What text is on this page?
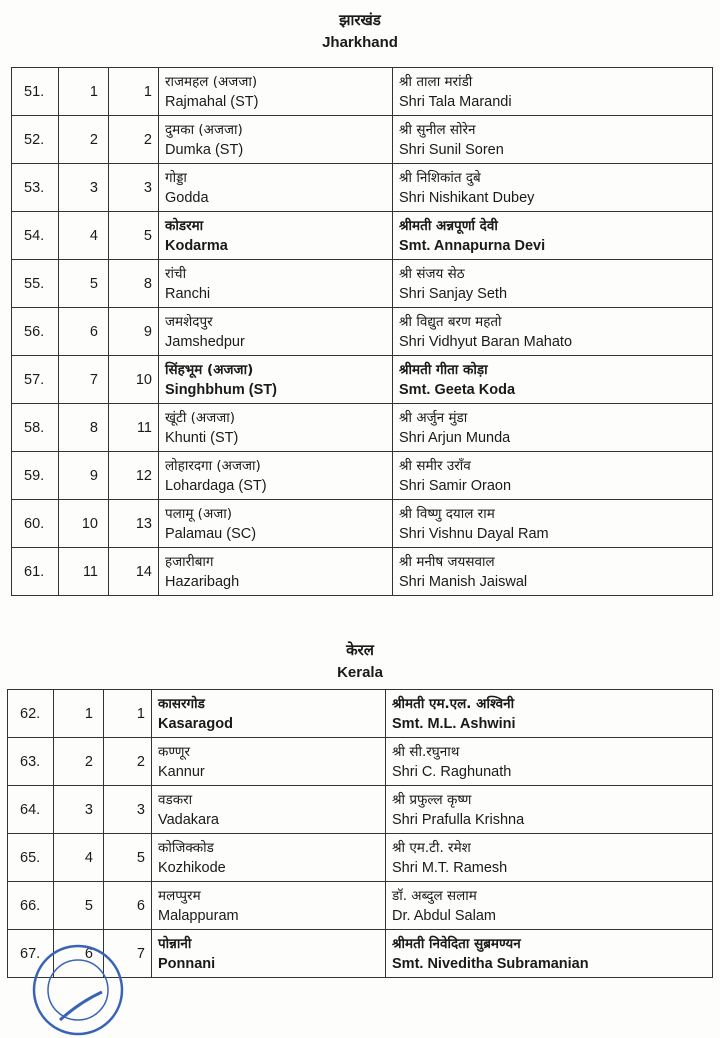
झारखंड
Jharkhand
51.	1	1	राजमहल (अजजा)
Rajmahal (ST)	श्री ताला मरांडी
Shri Tala Marandi

52.	2	2	दुमका (अजजा)
Dumka (ST)	श्री सुनील सोरेन
Shri Sunil Soren

53.	3	3	गोड्डा
Godda	श्री निशिकांत दुबे
Shri Nishikant Dubey

54.	4	5	कोडरमा
Kodarma	श्रीमती अन्नपूर्णा देवी
Smt. Annapurna Devi

55.	5	8	रांची
Ranchi	श्री संजय सेठ
Shri Sanjay Seth

56.	6	9	जमशेदपुर
Jamshedpur	श्री विद्युत बरण महतो
Shri Vidhyut Baran Mahato

57.	7	10	सिंहभूम (अजजा)
Singhbhum (ST)	श्रीमती गीता कोड़ा
Smt. Geeta Koda

58.	8	11	खूंटी (अजजा)
Khunti (ST)	श्री अर्जुन मुंडा
Shri Arjun Munda

59.	9	12	लोहारदगा (अजजा)
Lohardaga (ST)	श्री समीर उराँव
Shri Samir Oraon

60.	10	13	पलामू (अजा)
Palamau (SC)	श्री विष्णु दयाल राम
Shri Vishnu Dayal Ram

61.	11	14	हजारीबाग
Hazaribagh	श्री मनीष जयसवाल
Shri Manish Jaiswal
केरल
Kerala
62.	1	1	कासरगोड
Kasaragod	श्रीमती एम.एल. अश्विनी
Smt. M.L. Ashwini

63.	2	2	कण्णूर
Kannur	श्री सी.रघुनाथ
Shri C. Raghunath

64.	3	3	वडकरा
Vadakara	श्री प्रफुल्ल कृष्ण
Shri Prafulla Krishna

65.	4	5	कोजिक्कोड
Kozhikode	श्री एम.टी. रमेश
Shri M.T. Ramesh

66.	5	6	मलप्पुरम
Malappuram	डॉ. अब्दुल सलाम
Dr. Abdul Salam

67.	6	7	पोन्नानी
Ponnani	श्रीमती निवेदिता सुब्रमण्यन
Smt. Niveditha Subramanian
